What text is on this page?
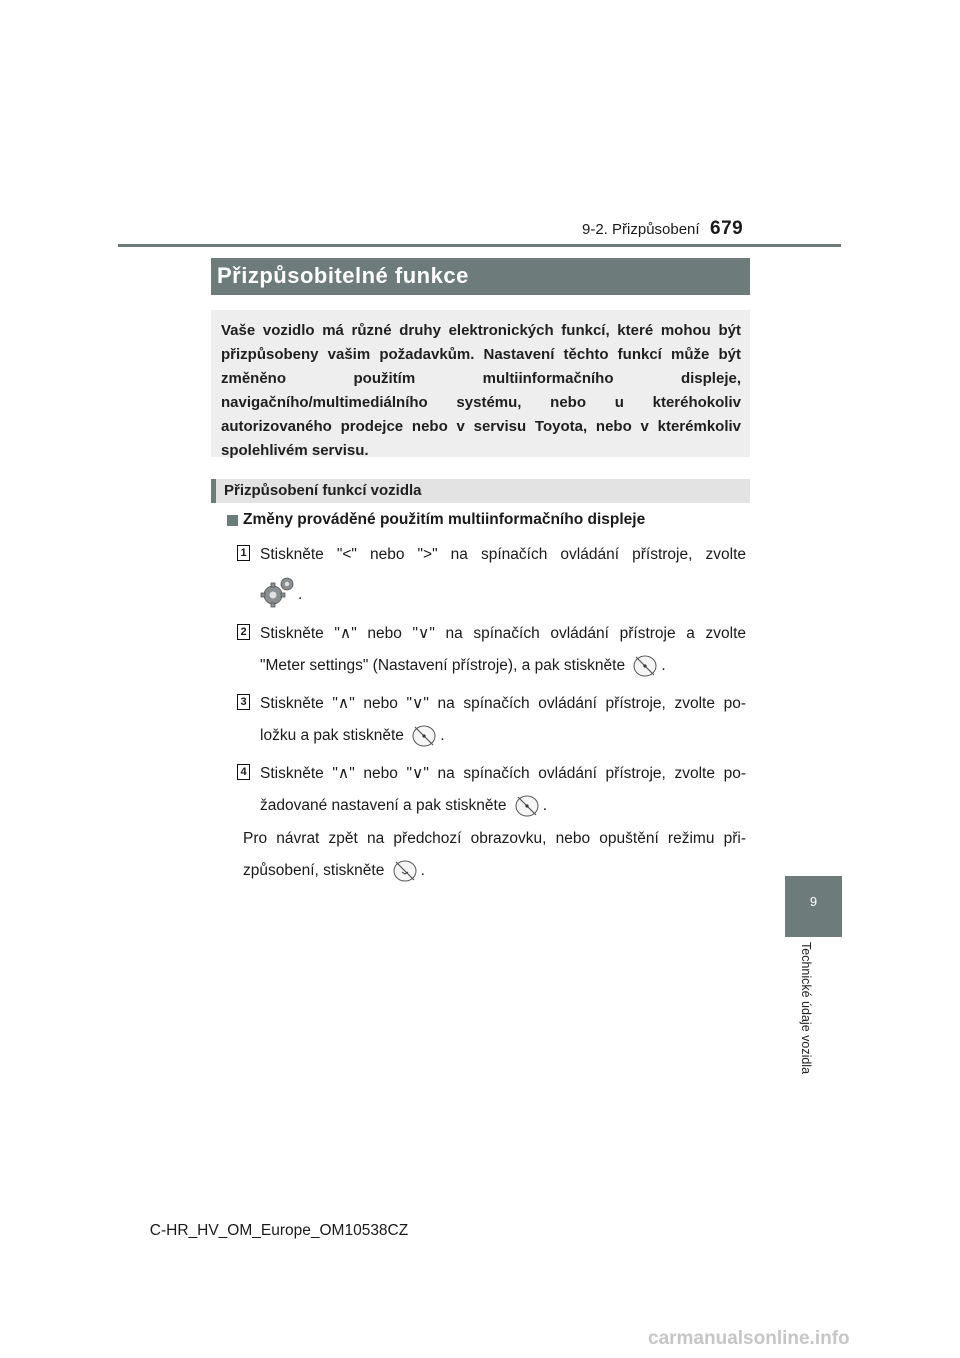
9-2. Přizpůsobení 679
9
Technické údaje vozidla
Přizpůsobitelné funkce
Vaše vozidlo má různé druhy elektronických funkcí, které mohou být přizpůsobeny vašim požadavkům. Nastavení těchto funkcí může být změněno použitím multiinformačního displeje, navigačního/multimediálního systému, nebo u kteréhokoliv autorizovaného prodejce nebo v servisu Toyota, nebo v kterémkoliv spolehlivém servisu.
Přizpůsobení funkcí vozidla
Změny prováděné použitím multiinformačního displeje
1 Stiskněte "<" nebo ">" na spínačích ovládání přístroje, zvolte
.
2 Stiskněte "∧" nebo "∨" na spínačích ovládání přístroje a zvolte
"Meter settings" (Nastavení přístroje), a pak stiskněte .
3 Stiskněte "∧" nebo "∨" na spínačích ovládání přístroje, zvolte po-
ložku a pak stiskněte .
4 Stiskněte "∧" nebo "∨" na spínačích ovládání přístroje, zvolte po-
žadované nastavení a pak stiskněte .
Pro návrat zpět na předchozí obrazovku, nebo opuštění režimu při-
způsobení, stiskněte .
C-HR_HV_OM_Europe_OM10538CZ
carmanualsonline.info
